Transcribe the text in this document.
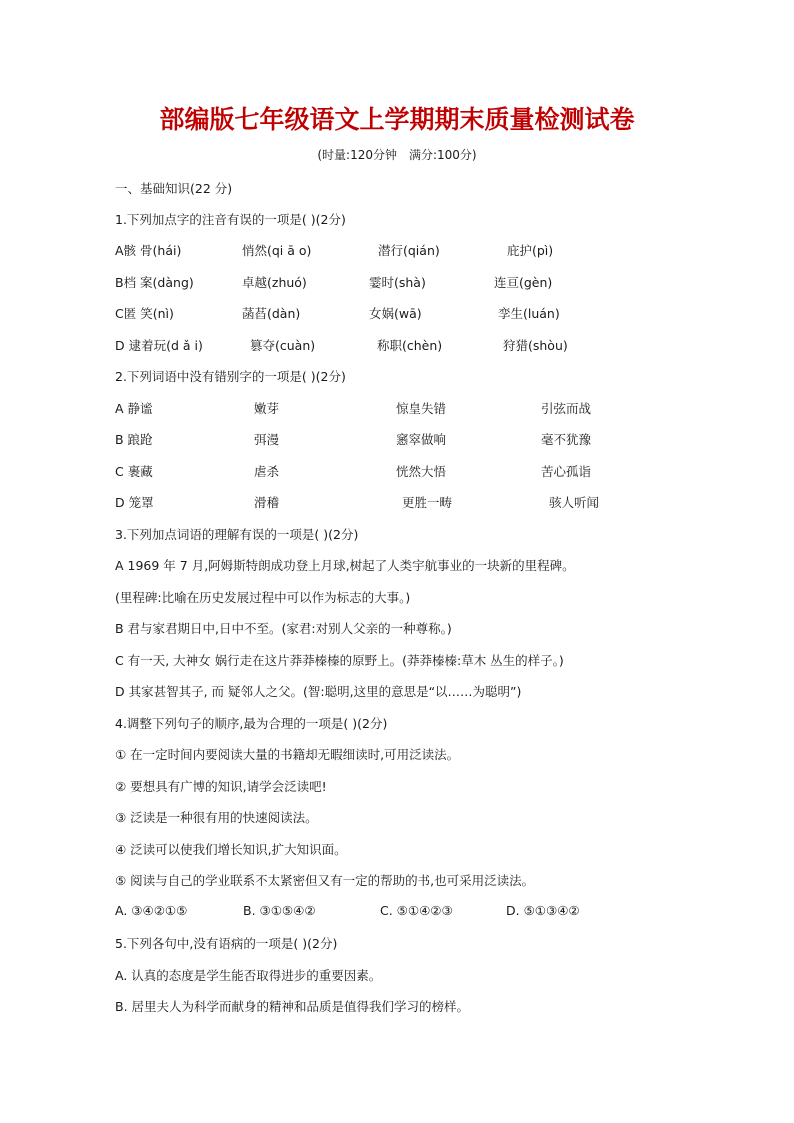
部编版七年级语文上学期期末质量检测试卷
(时量:120分钟　满分:100分)
一、基础知识(22 分)
1.下列加点字的注音有误的一项是( )(2分)
A骸 骨(hái)	悄然(qi ā o)	潜行(qián)	庇护(pì)
B档 案(dàng)	卓越(zhuó)	霎时(shà)	连亘(gèn)
C匿 笑(nì)	菡萏(dàn)	女娲(wā)	孪生(luán)
D 逮着玩(d ǎ i)	篡夺(cuàn)	称职(chèn)	狩猎(shòu)
2.下列词语中没有错别字的一项是( )(2分)
A 静谧	嫩芽	惊皇失错	引弦而战
B 踉跄	弭漫	窸窣做响	毫不犹豫
C 裹藏	虐杀	恍然大悟	苦心孤诣
D 笼罩	滑稽	更胜一畴	骇人听闻
3.下列加点词语的理解有误的一项是( )(2分)
A 1969 年 7 月,阿姆斯特朗成功登上月球,树起了人类宇航事业的一块新的里程碑。
(里程碑:比喻在历史发展过程中可以作为标志的大事。)
B 君与家君期日中,日中不至。(家君:对别人父亲的一种尊称。)
C 有一天, 大神女 娲行走在这片莽莽榛榛的原野上。(莽莽榛榛:草木 丛生的样子。)
D 其家甚智其子, 而 疑邻人之父。(智:聪明,这里的意思是“以……为聪明”)
4.调整下列句子的顺序,最为合理的一项是( )(2分)
① 在一定时间内要阅读大量的书籍却无暇细读时,可用泛读法。
② 要想具有广博的知识,请学会泛读吧!
③ 泛读是一种很有用的快速阅读法。
④ 泛读可以使我们增长知识,扩大知识面。
⑤ 阅读与自己的学业联系不太紧密但又有一定的帮助的书,也可采用泛读法。
A. ③④②①⑤	B. ③①⑤④②	C. ⑤①④②③	D. ⑤①③④②
5.下列各句中,没有语病的一项是( )(2分)
A. 认真的态度是学生能否取得进步的重要因素。
B. 居里夫人为科学而献身的精神和品质是值得我们学习的榜样。
